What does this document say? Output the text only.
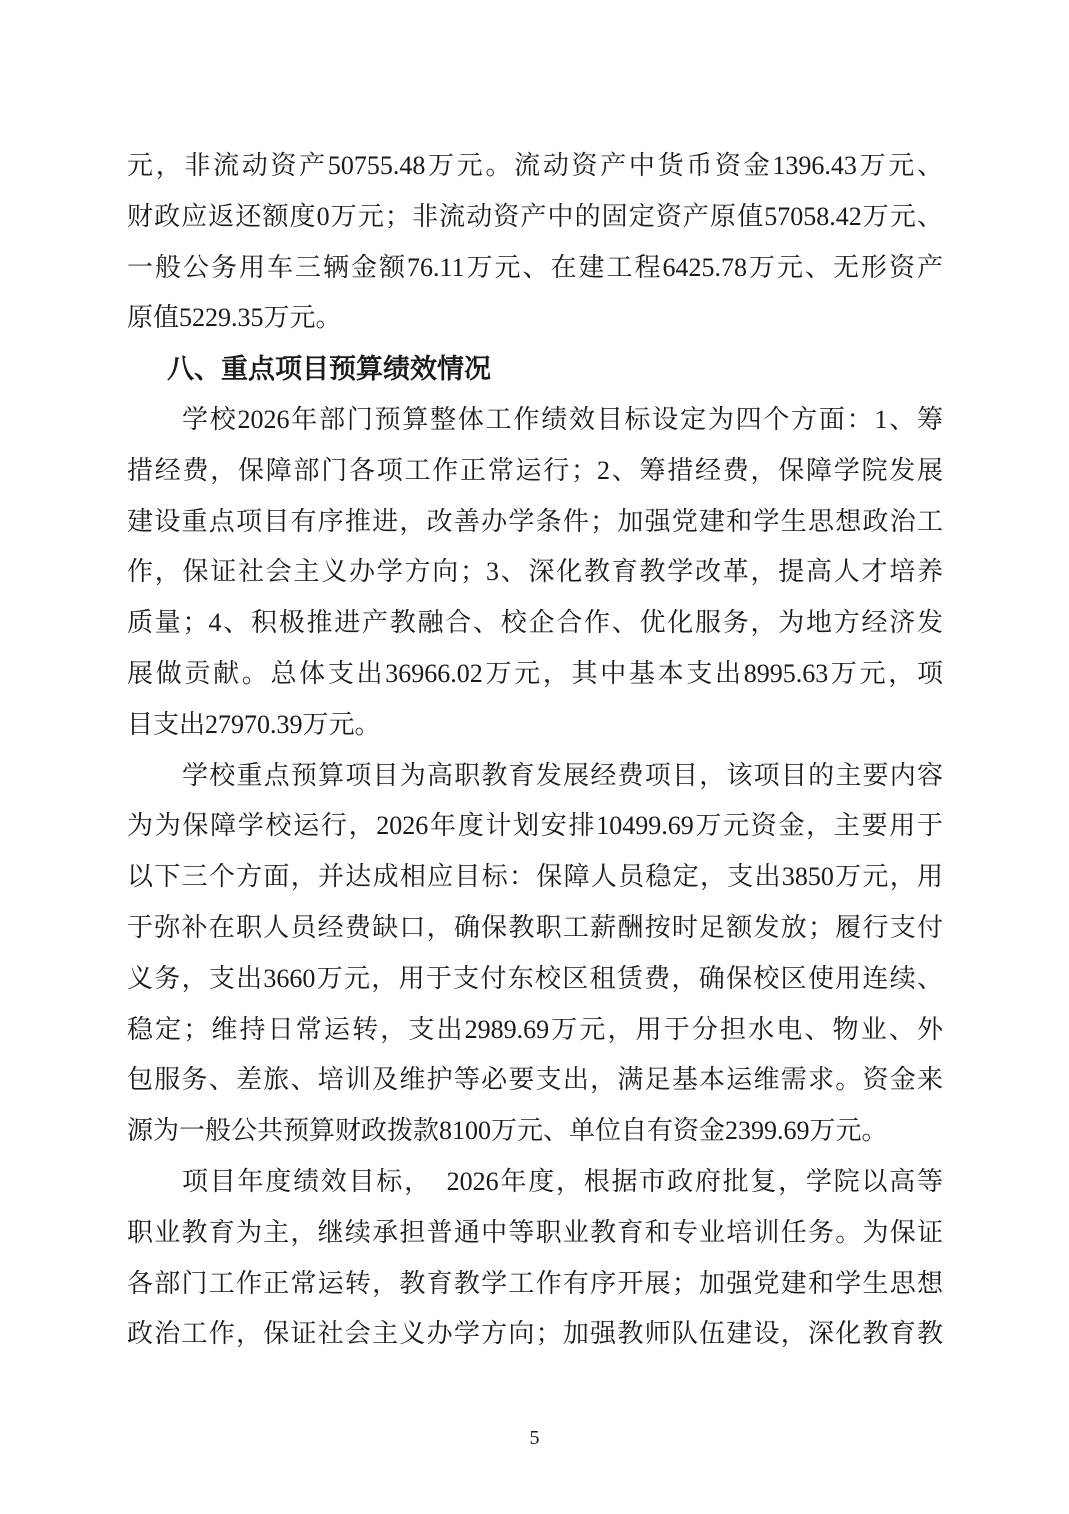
元，非流动资产50755.48万元。流动资产中货币资金1396.43万元、
财政应返还额度0万元；非流动资产中的固定资产原值57058.42万元、
一般公务用车三辆金额76.11万元、在建工程6425.78万元、无形资产
原值5229.35万元。
八、重点项目预算绩效情况
学校2026年部门预算整体工作绩效目标设定为四个方面：1、筹
措经费，保障部门各项工作正常运行；2、筹措经费，保障学院发展
建设重点项目有序推进，改善办学条件；加强党建和学生思想政治工
作，保证社会主义办学方向；3、深化教育教学改革，提高人才培养
质量；4、积极推进产教融合、校企合作、优化服务，为地方经济发
展做贡献。总体支出36966.02万元，其中基本支出8995.63万元，项
目支出27970.39万元。
学校重点预算项目为高职教育发展经费项目，该项目的主要内容
为为保障学校运行，2026年度计划安排10499.69万元资金，主要用于
以下三个方面，并达成相应目标：保障人员稳定，支出3850万元，用
于弥补在职人员经费缺口，确保教职工薪酬按时足额发放；履行支付
义务，支出3660万元，用于支付东校区租赁费，确保校区使用连续、
稳定；维持日常运转，支出2989.69万元，用于分担水电、物业、外
包服务、差旅、培训及维护等必要支出，满足基本运维需求。资金来
源为一般公共预算财政拨款8100万元、单位自有资金2399.69万元。
项目年度绩效目标，　2026年度，根据市政府批复，学院以高等
职业教育为主，继续承担普通中等职业教育和专业培训任务。为保证
各部门工作正常运转，教育教学工作有序开展；加强党建和学生思想
政治工作，保证社会主义办学方向；加强教师队伍建设，深化教育教
5
